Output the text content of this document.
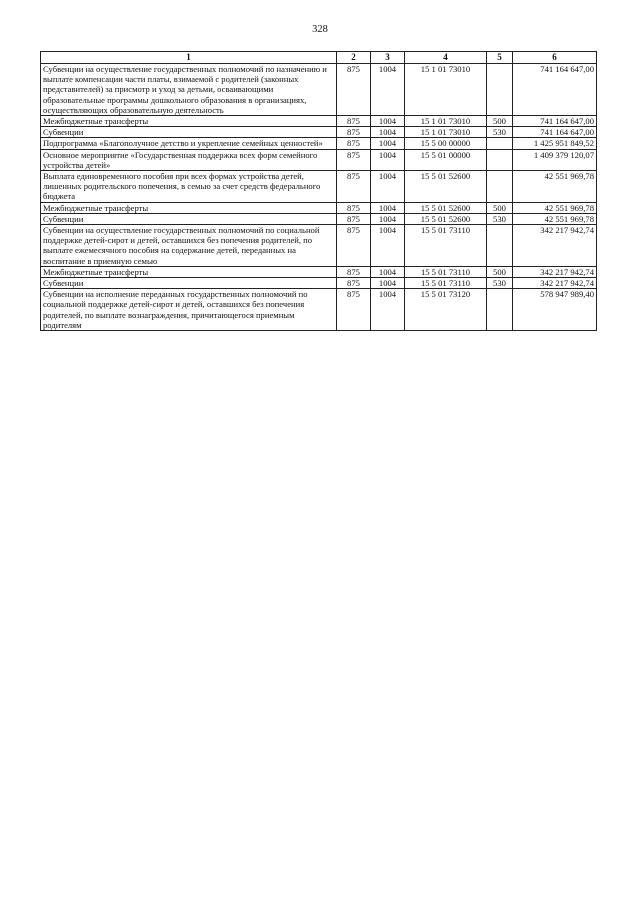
328
1	2	3	4	5	6
Субвенции на осуществление государственных полномочий по назначению и выплате компенсации части платы, взимаемой с родителей (законных представителей) за присмотр и уход за детьми, осваивающими образовательные программы дошкольного образования в организациях, осуществляющих образовательную деятельность	875	1004	15 1 01 73010		741 164 647,00
Межбюджетные трансферты	875	1004	15 1 01 73010	500	741 164 647,00
Субвенции	875	1004	15 1 01 73010	530	741 164 647,00
Подпрограмма «Благополучное детство и укрепление семейных ценностей»	875	1004	15 5 00 00000		1 425 951 849,52
Основное мероприятие «Государственная поддержка всех форм семейного устройства детей»	875	1004	15 5 01 00000		1 409 379 120,07
Выплата единовременного пособия при всех формах устройства детей, лишенных родительского попечения, в семью за счет средств федерального бюджета	875	1004	15 5 01 52600		42 551 969,78
Межбюджетные трансферты	875	1004	15 5 01 52600	500	42 551 969,78
Субвенции	875	1004	15 5 01 52600	530	42 551 969,78
Субвенции на осуществление государственных полномочий по социальной поддержке детей-сирот и детей, оставшихся без попечения родителей, по выплате ежемесячного пособия на содержание детей, переданных на воспитание в приемную семью	875	1004	15 5 01 73110		342 217 942,74
Межбюджетные трансферты	875	1004	15 5 01 73110	500	342 217 942,74
Субвенции	875	1004	15 5 01 73110	530	342 217 942,74
Субвенции на исполнение переданных государственных полномочий по социальной поддержке детей-сирот и детей, оставшихся без попечения родителей, по выплате вознаграждения, причитающегося приемным родителям	875	1004	15 5 01 73120		578 947 989,40
